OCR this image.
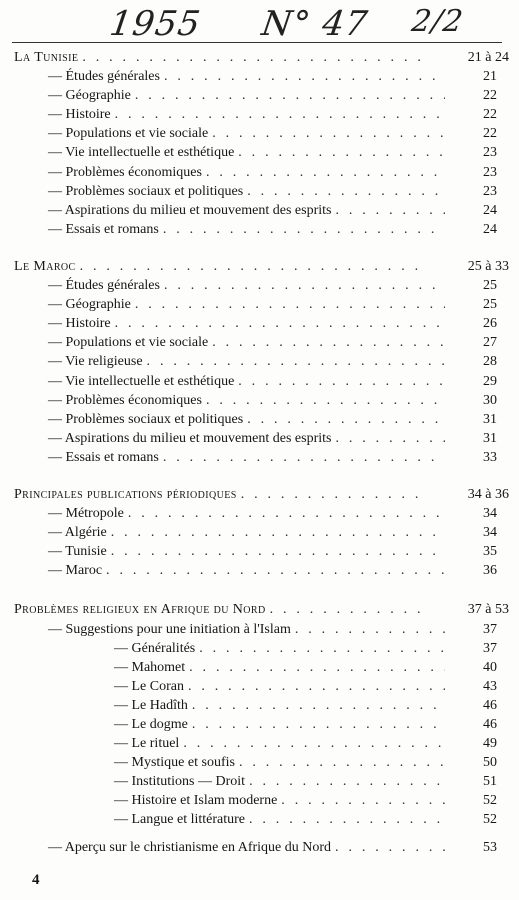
1955 N° 47 2/2
La Tunisie . . .	21 à 24
— Études générales . . .	21
— Géographie . . .	22
— Histoire . . .	22
— Populations et vie sociale . . .	22
— Vie intellectuelle et esthétique . . .	23
— Problèmes économiques . . .	23
— Problèmes sociaux et politiques . . .	23
— Aspirations du milieu et mouvement des esprits . . .	24
— Essais et romans . . .	24
Le Maroc . . .	25 à 33
— Études générales . . .	25
— Géographie . . .	25
— Histoire . . .	26
— Populations et vie sociale . . .	27
— Vie religieuse . . .	28
— Vie intellectuelle et esthétique . . .	29
— Problèmes économiques . . .	30
— Problèmes sociaux et politiques . . .	31
— Aspirations du milieu et mouvement des esprits . . .	31
— Essais et romans . . .	33
Principales publications périodiques . . .	34 à 36
— Métropole . . .	34
— Algérie . . .	34
— Tunisie . . .	35
— Maroc . . .	36
Problèmes religieux en Afrique du Nord . . .	37 à 53
— Suggestions pour une initiation à l'Islam . . .	37
— Généralités . . .	37
— Mahomet . . .	40
— Le Coran . . .	43
— Le Hadîth . . .	46
— Le dogme . . .	46
— Le rituel . . .	49
— Mystique et soufis . . .	50
— Institutions — Droit . . .	51
— Histoire et Islam moderne . . .	52
— Langue et littérature . . .	52
— Aperçu sur le christianisme en Afrique du Nord . . .	53
4
